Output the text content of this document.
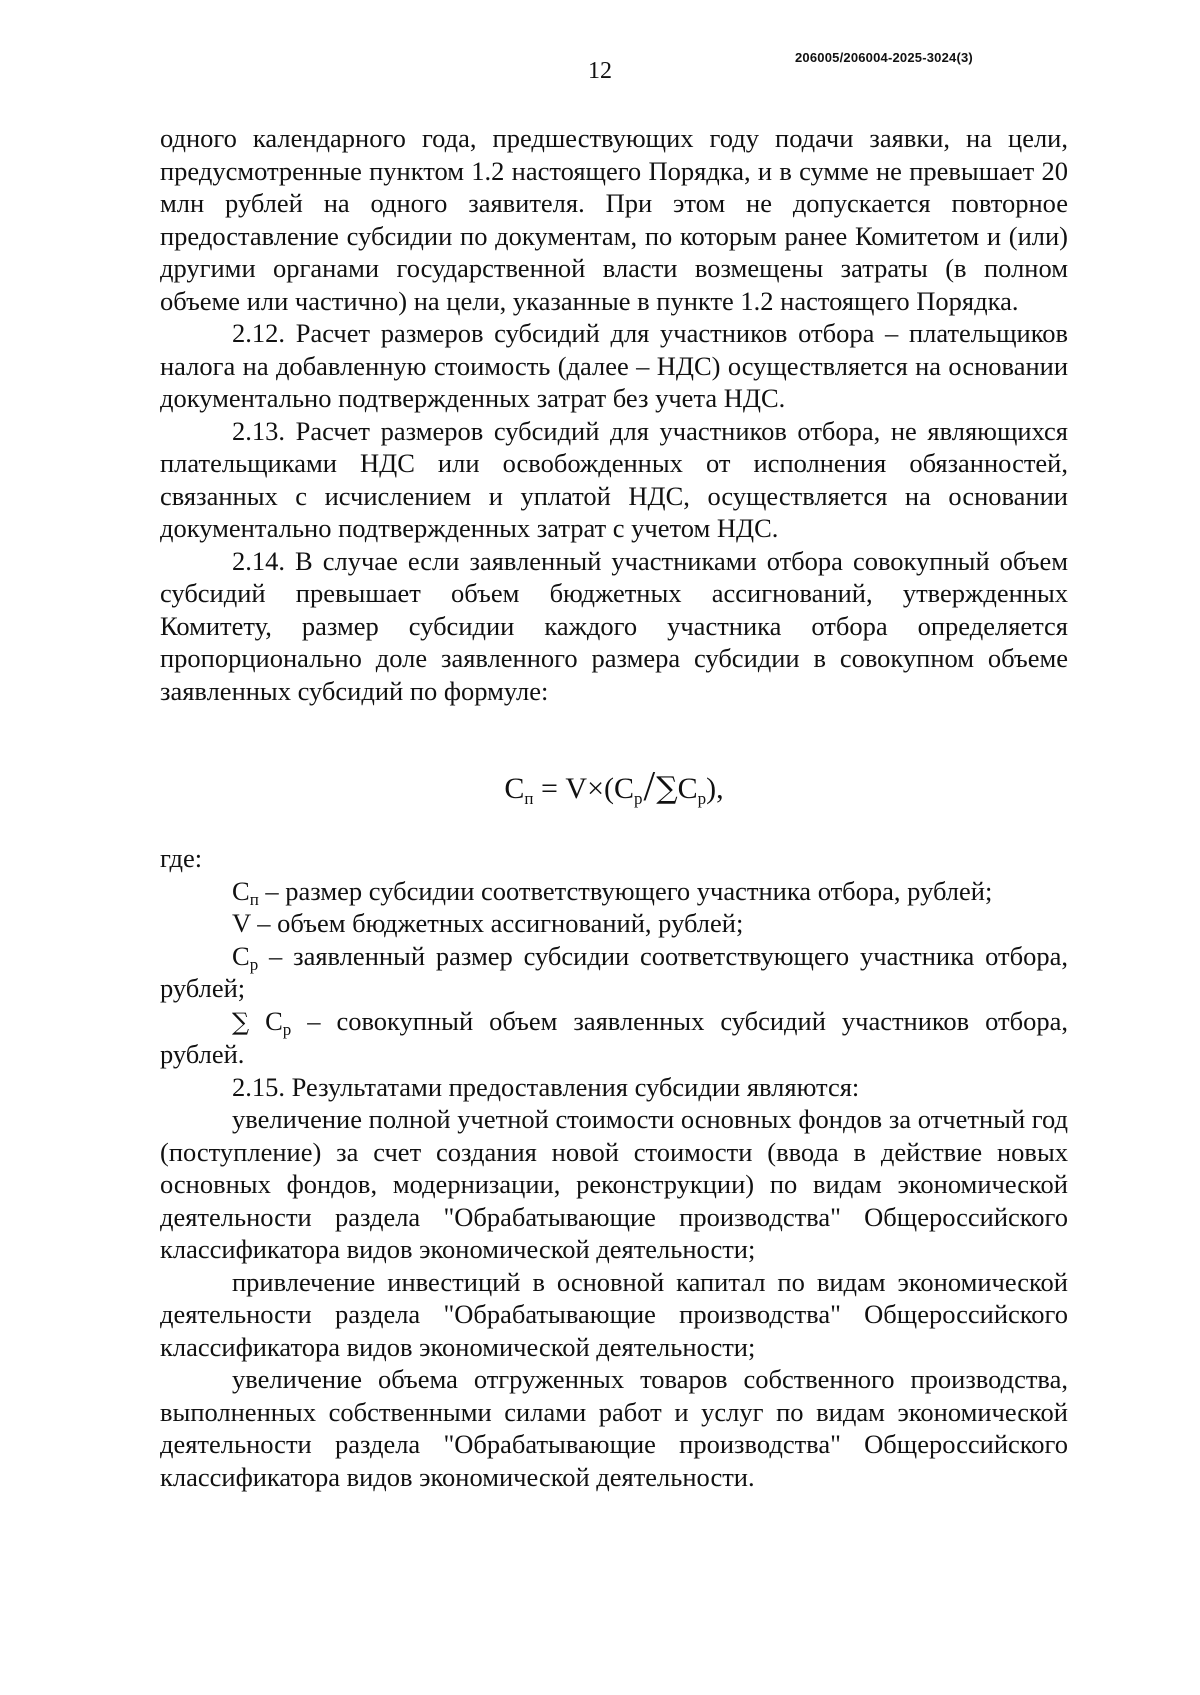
12
206005/206004-2025-3024(3)

одного календарного года, предшествующих году подачи заявки, на цели, предусмотренные пунктом 1.2 настоящего Порядка, и в сумме не превышает 20 млн рублей на одного заявителя. При этом не допускается повторное предоставление субсидии по документам, по которым ранее Комитетом и (или) другими органами государственной власти возмещены затраты (в полном объеме или частично) на цели, указанные в пункте 1.2 настоящего Порядка.

2.12. Расчет размеров субсидий для участников отбора – плательщиков налога на добавленную стоимость (далее – НДС) осуществляется на основании документально подтвержденных затрат без учета НДС.

2.13. Расчет размеров субсидий для участников отбора, не являющихся плательщиками НДС или освобожденных от исполнения обязанностей, связанных с исчислением и уплатой НДС, осуществляется на основании документально подтвержденных затрат с учетом НДС.

2.14. В случае если заявленный участниками отбора совокупный объем субсидий превышает объем бюджетных ассигнований, утвержденных Комитету, размер субсидии каждого участника отбора определяется пропорционально доле заявленного размера субсидии в совокупном объеме заявленных субсидий по формуле:

$C_п = V\times(C_р/\sum C_р)$,

где:

$C_п$ – размер субсидии соответствующего участника отбора, рублей;

V – объем бюджетных ассигнований, рублей;

$C_р$ – заявленный размер субсидии соответствующего участника отбора, рублей;

∑ $C_р$ – совокупный объем заявленных субсидий участников отбора, рублей.

2.15. Результатами предоставления субсидии являются:

увеличение полной учетной стоимости основных фондов за отчетный год (поступление) за счет создания новой стоимости (ввода в действие новых основных фондов, модернизации, реконструкции) по видам экономической деятельности раздела "Обрабатывающие производства" Общероссийского классификатора видов экономической деятельности;

привлечение инвестиций в основной капитал по видам экономической деятельности раздела "Обрабатывающие производства" Общероссийского классификатора видов экономической деятельности;

увеличение объема отгруженных товаров собственного производства, выполненных собственными силами работ и услуг по видам экономической деятельности раздела "Обрабатывающие производства" Общероссийского классификатора видов экономической деятельности.
